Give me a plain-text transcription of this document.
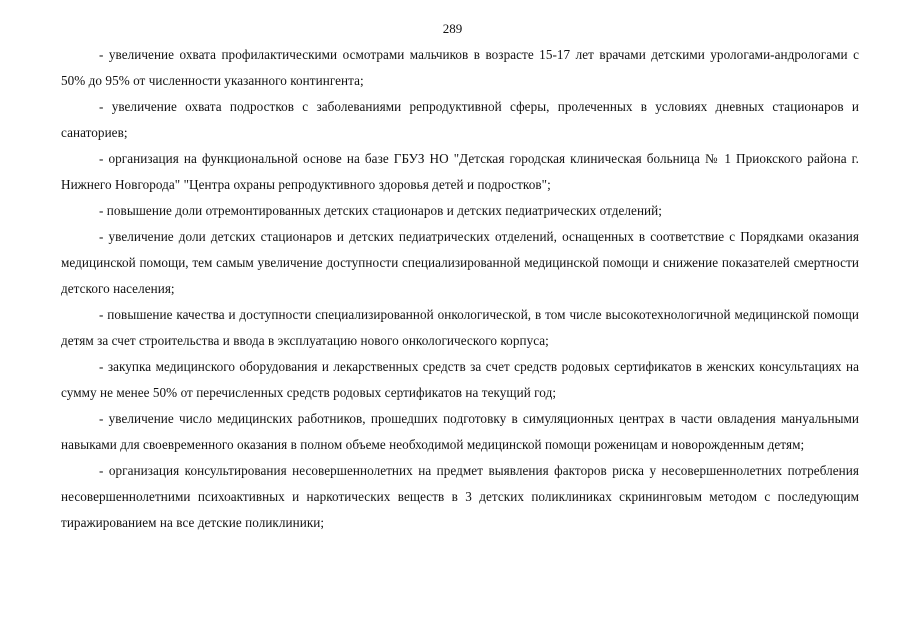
289

- увеличение охвата профилактическими осмотрами мальчиков в возрасте 15-17 лет врачами детскими урологами-андрологами с 50% до 95% от численности указанного контингента;

- увеличение охвата подростков с заболеваниями репродуктивной сферы, пролеченных в условиях дневных стационаров и санаториев;

- организация на функциональной основе на базе ГБУЗ НО "Детская городская клиническая больница № 1 Приокского района г. Нижнего Новгорода" "Центра охраны репродуктивного здоровья детей и подростков";

- повышение доли отремонтированных детских стационаров и детских педиатрических отделений;

- увеличение доли детских стационаров и детских педиатрических отделений, оснащенных в соответствие с Порядками оказания медицинской помощи, тем самым увеличение доступности специализированной медицинской помощи и снижение показателей смертности детского населения;

- повышение качества и доступности специализированной онкологической, в том числе высокотехнологичной медицинской помощи детям за счет строительства и ввода в эксплуатацию нового онкологического корпуса;

- закупка медицинского оборудования и лекарственных средств за счет средств родовых сертификатов в женских консультациях на сумму не менее 50% от перечисленных средств родовых сертификатов на текущий год;

- увеличение число медицинских работников, прошедших подготовку в симуляционных центрах в части овладения мануальными навыками для своевременного оказания в полном объеме необходимой медицинской помощи роженицам и новорожденным детям;

- организация консультирования несовершеннолетних на предмет выявления факторов риска у несовершеннолетних потребления несовершеннолетними психоактивных и наркотических веществ в 3 детских поликлиниках скрининговым методом с последующим тиражированием на все детские поликлиники;
